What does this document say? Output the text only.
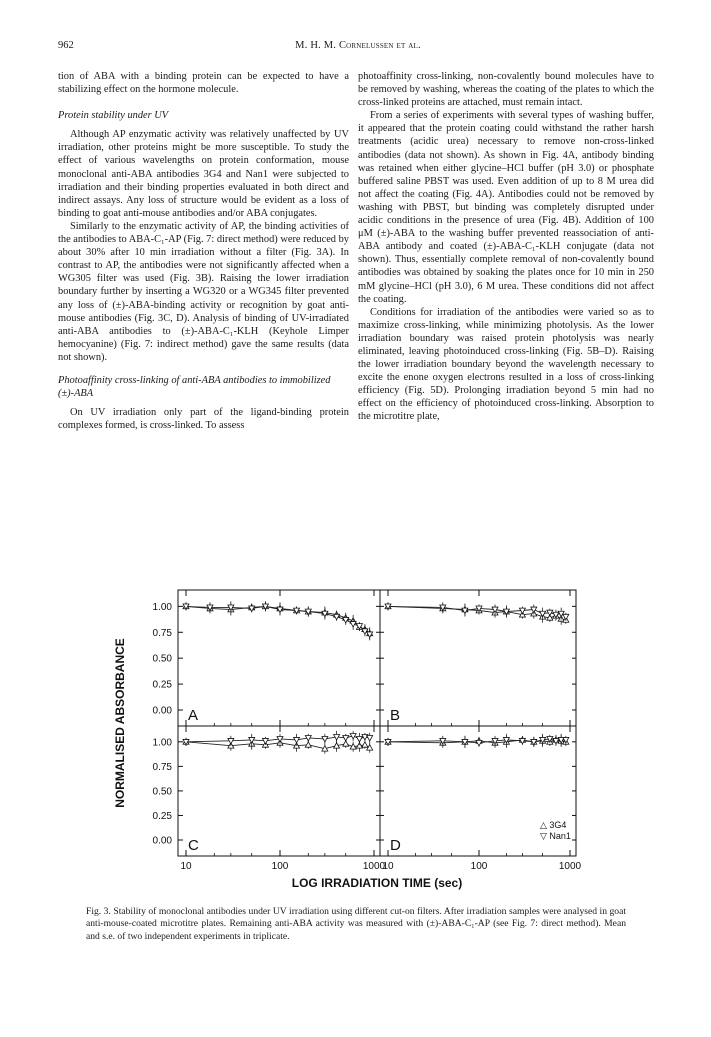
962	M. H. M. Cornelussen et al.

tion of ABA with a binding protein can be expected to have a stabilizing effect on the hormone molecule.

Protein stability under UV

Although AP enzymatic activity was relatively unaffected by UV irradiation, other proteins might be more susceptible. To study the effect of various wavelengths on protein conformation, mouse monoclonal anti-ABA antibodies 3G4 and Nan1 were subjected to irradiation and their binding properties evaluated in both direct and indirect assays. Any loss of structure would be evident as a loss of binding to goat anti-mouse antibodies and/or ABA conjugates.

Similarly to the enzymatic activity of AP, the binding activities of the antibodies to ABA-C₁-AP (Fig. 7: direct method) were reduced by about 30% after 10 min irradiation without a filter (Fig. 3A). In contrast to AP, the antibodies were not significantly affected when a WG305 filter was used (Fig. 3B). Raising the lower irradiation boundary further by inserting a WG320 or a WG345 filter prevented any loss of (±)-ABA-binding activity or recognition by goat anti-mouse antibodies (Fig. 3C, D). Analysis of binding of UV-irradiated anti-ABA antibodies to (±)-ABA-C₁-KLH (Keyhole Limper hemocyanine) (Fig. 7: indirect method) gave the same results (data not shown).

Photoaffinity cross-linking of anti-ABA antibodies to immobilized (±)-ABA

On UV irradiation only part of the ligand-binding protein complexes formed, is cross-linked. To assess

photoaffinity cross-linking, non-covalently bound molecules have to be removed by washing, whereas the coating of the plates to which the cross-linked proteins are attached, must remain intact.

From a series of experiments with several types of washing buffer, it appeared that the protein coating could withstand the rather harsh treatments (acidic urea) necessary to remove non-cross-linked antibodies (data not shown). As shown in Fig. 4A, antibody binding was retained when either glycine–HCl buffer (pH 3.0) or phosphate buffered saline PBST was used. Even addition of up to 8 M urea did not affect the coating (Fig. 4A). Antibodies could not be removed by washing with PBST, but binding was completely disrupted under acidic conditions in the presence of urea (Fig. 4B). Addition of 100 μM (±)-ABA to the washing buffer prevented reassociation of anti-ABA antibody and coated (±)-ABA-C₁-KLH conjugate (data not shown). Thus, essentially complete removal of non-covalently bound antibodies was obtained by soaking the plates once for 10 min in 250 mM glycine–HCl (pH 3.0), 6 M urea. These conditions did not affect the coating.

Conditions for irradiation of the antibodies were varied so as to maximize cross-linking, while minimizing photolysis. As the lower irradiation boundary was raised protein photolysis was nearly eliminated, leaving photoinduced cross-linking (Fig. 5B–D). Raising the lower irradiation boundary beyond the wavelength necessary to excite the enone oxygen electrons resulted in a loss of cross-linking efficiency (Fig. 5D). Prolonging irradiation beyond 5 min had no effect on the efficiency of photoinduced cross-linking. Absorption to the microtitre plate,

1.00
0.75
0.50
0.25
0.00 A	B
1.00
0.75
0.50
0.25
0.00 C	D
10	100	1000
10	100	1000
△ 3G4
▽ Nan1
LOG IRRADIATION TIME (sec)
NORMALISED ABSORBANCE

Fig. 3. Stability of monoclonal antibodies under UV irradiation using different cut-on filters. After irradiation samples were analysed in goat anti-mouse-coated microtitre plates. Remaining anti-ABA activity was measured with (±)-ABA-C₁-AP (see Fig. 7: direct method). Mean and s.e. of two independent experiments in triplicate.
